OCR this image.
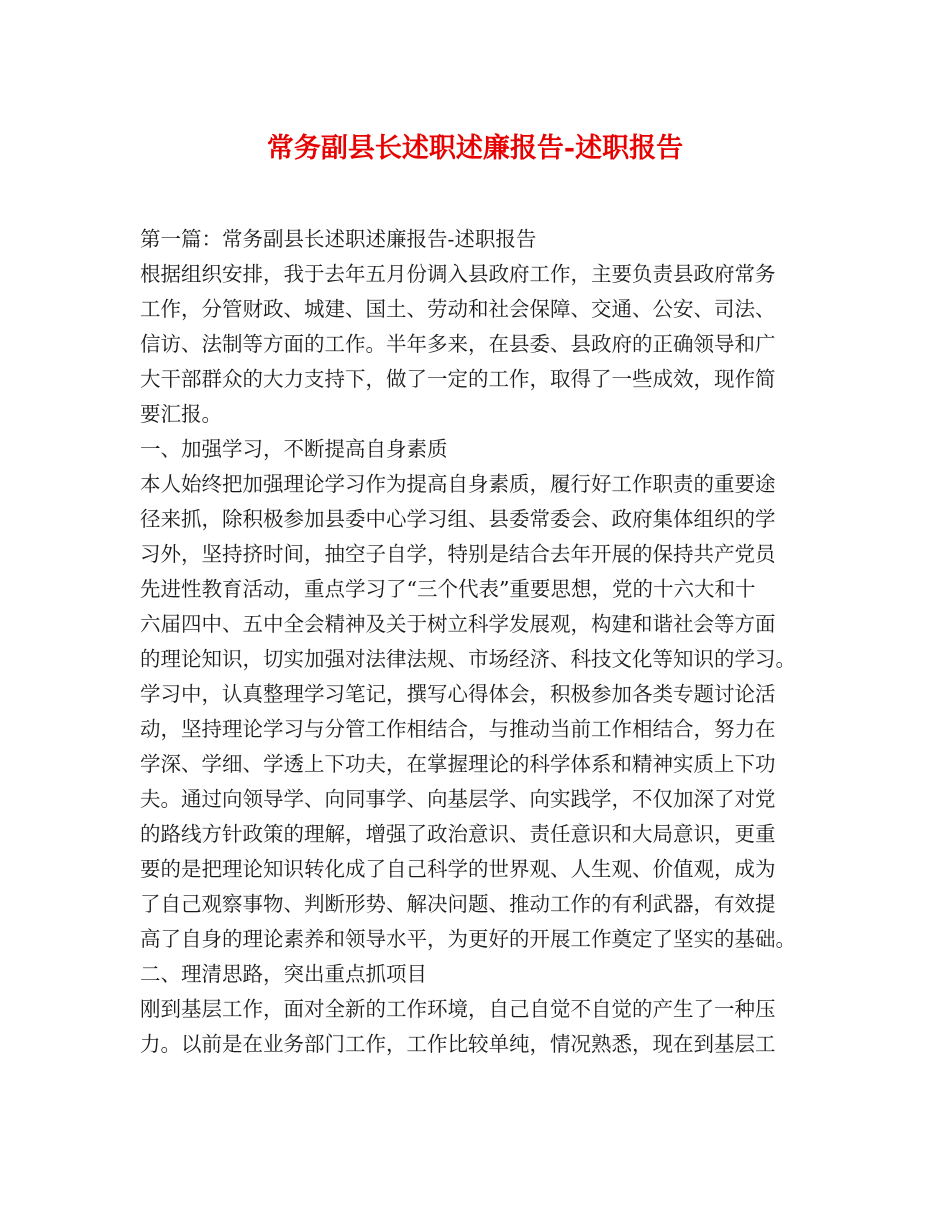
常务副县长述职述廉报告-述职报告
第一篇：常务副县长述职述廉报告-述职报告
根据组织安排，我于去年五月份调入县政府工作，主要负责县政府常务
工作，分管财政、城建、国土、劳动和社会保障、交通、公安、司法、
信访、法制等方面的工作。半年多来，在县委、县政府的正确领导和广
大干部群众的大力支持下，做了一定的工作，取得了一些成效，现作简
要汇报。
一、加强学习，不断提高自身素质
本人始终把加强理论学习作为提高自身素质，履行好工作职责的重要途
径来抓，除积极参加县委中心学习组、县委常委会、政府集体组织的学
习外，坚持挤时间，抽空子自学，特别是结合去年开展的保持共产党员
先进性教育活动，重点学习了“三个代表”重要思想，党的十六大和十
六届四中、五中全会精神及关于树立科学发展观，构建和谐社会等方面
的理论知识，切实加强对法律法规、市场经济、科技文化等知识的学习。
学习中，认真整理学习笔记，撰写心得体会，积极参加各类专题讨论活
动，坚持理论学习与分管工作相结合，与推动当前工作相结合，努力在
学深、学细、学透上下功夫，在掌握理论的科学体系和精神实质上下功
夫。通过向领导学、向同事学、向基层学、向实践学，不仅加深了对党
的路线方针政策的理解，增强了政治意识、责任意识和大局意识，更重
要的是把理论知识转化成了自己科学的世界观、人生观、价值观，成为
了自己观察事物、判断形势、解决问题、推动工作的有利武器，有效提
高了自身的理论素养和领导水平，为更好的开展工作奠定了坚实的基础。
二、理清思路，突出重点抓项目
刚到基层工作，面对全新的工作环境，自己自觉不自觉的产生了一种压
力。以前是在业务部门工作，工作比较单纯，情况熟悉，现在到基层工
